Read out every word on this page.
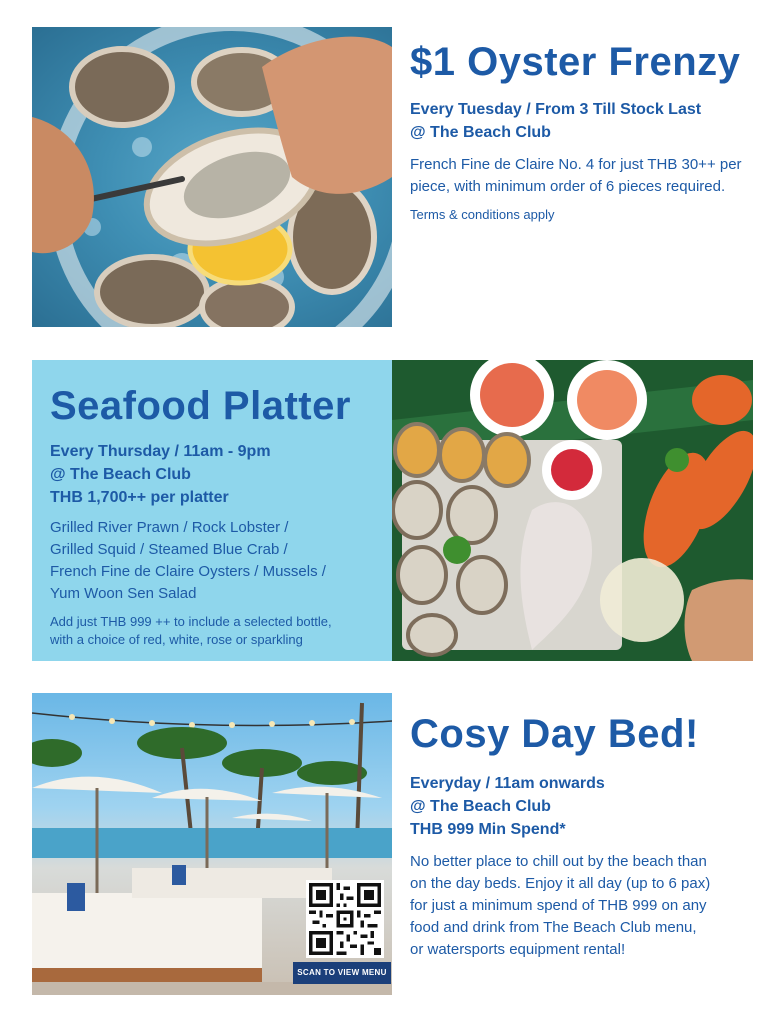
$1 Oyster Frenzy

Every Tuesday / From 3 Till Stock Last

@ The Beach Club

French Fine de Claire No. 4 for just THB 30++ per

piece, with minimum order of 6 pieces required.

Terms & conditions apply

Seafood Platter

Every Thursday / 11am - 9pm

@ The Beach Club

THB 1,700++ per platter

Grilled River Prawn / Rock Lobster /

Grilled Squid / Steamed Blue Crab /

French Fine de Claire Oysters / Mussels /

Yum Woon Sen Salad

Add just THB 999 ++ to include a selected bottle,

with a choice of red, white, rose or sparkling

SCAN TO VIEW MENU
Cosy Day Bed!

Everyday / 11am onwards

@ The Beach Club

THB 999 Min Spend*

No better place to chill out by the beach than

on the day beds. Enjoy it all day (up to 6 pax)

for just a minimum spend of THB 999 on any

food and drink from The Beach Club menu,

or watersports equipment rental!
